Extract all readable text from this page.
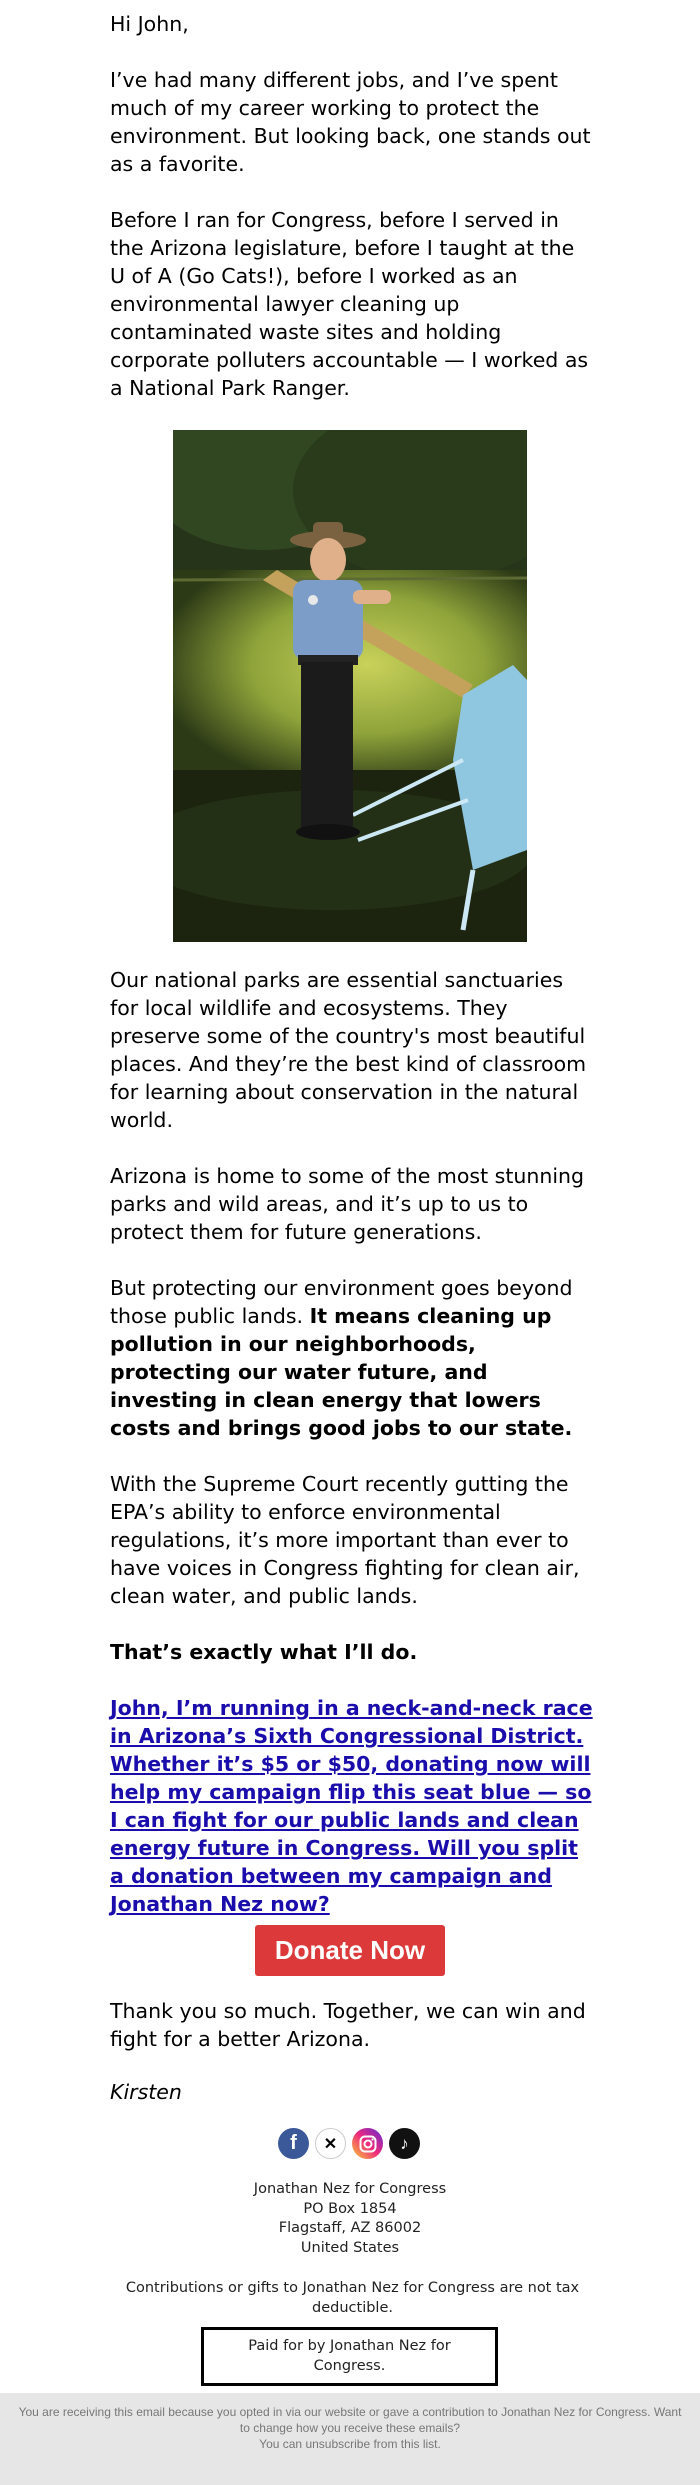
Hi John,

I’ve had many different jobs, and I’ve spent much of my career working to protect the environment. But looking back, one stands out as a favorite.

Before I ran for Congress, before I served in the Arizona legislature, before I taught at the U of A (Go Cats!), before I worked as an environmental lawyer cleaning up contaminated waste sites and holding corporate polluters accountable — I worked as a National Park Ranger.

Our national parks are essential sanctuaries for local wildlife and ecosystems. They preserve some of the country's most beautiful places. And they’re the best kind of classroom for learning about conservation in the natural world.

Arizona is home to some of the most stunning parks and wild areas, and it’s up to us to protect them for future generations.

But protecting our environment goes beyond those public lands. It means cleaning up pollution in our neighborhoods, protecting our water future, and investing in clean energy that lowers costs and brings good jobs to our state.

With the Supreme Court recently gutting the EPA’s ability to enforce environmental regulations, it’s more important than ever to have voices in Congress fighting for clean air, clean water, and public lands.

That’s exactly what I’ll do.

John, I’m running in a neck-and-neck race in Arizona’s Sixth Congressional District. Whether it’s $5 or $50, donating now will help my campaign flip this seat blue — so I can fight for our public lands and clean energy future in Congress. Will you split a donation between my campaign and Jonathan Nez now?

Donate Now
Thank you so much. Together, we can win and fight for a better Arizona.
Kirsten
f	✕	♪
Jonathan Nez for Congress
PO Box 1854
Flagstaff, AZ 86002
United States
Contributions or gifts to Jonathan Nez for Congress are not tax deductible.
Paid for by Jonathan Nez for Congress.
You are receiving this email because you opted in via our website or gave a contribution to Jonathan Nez for Congress. Want to change how you receive these emails?
You can unsubscribe from this list.
